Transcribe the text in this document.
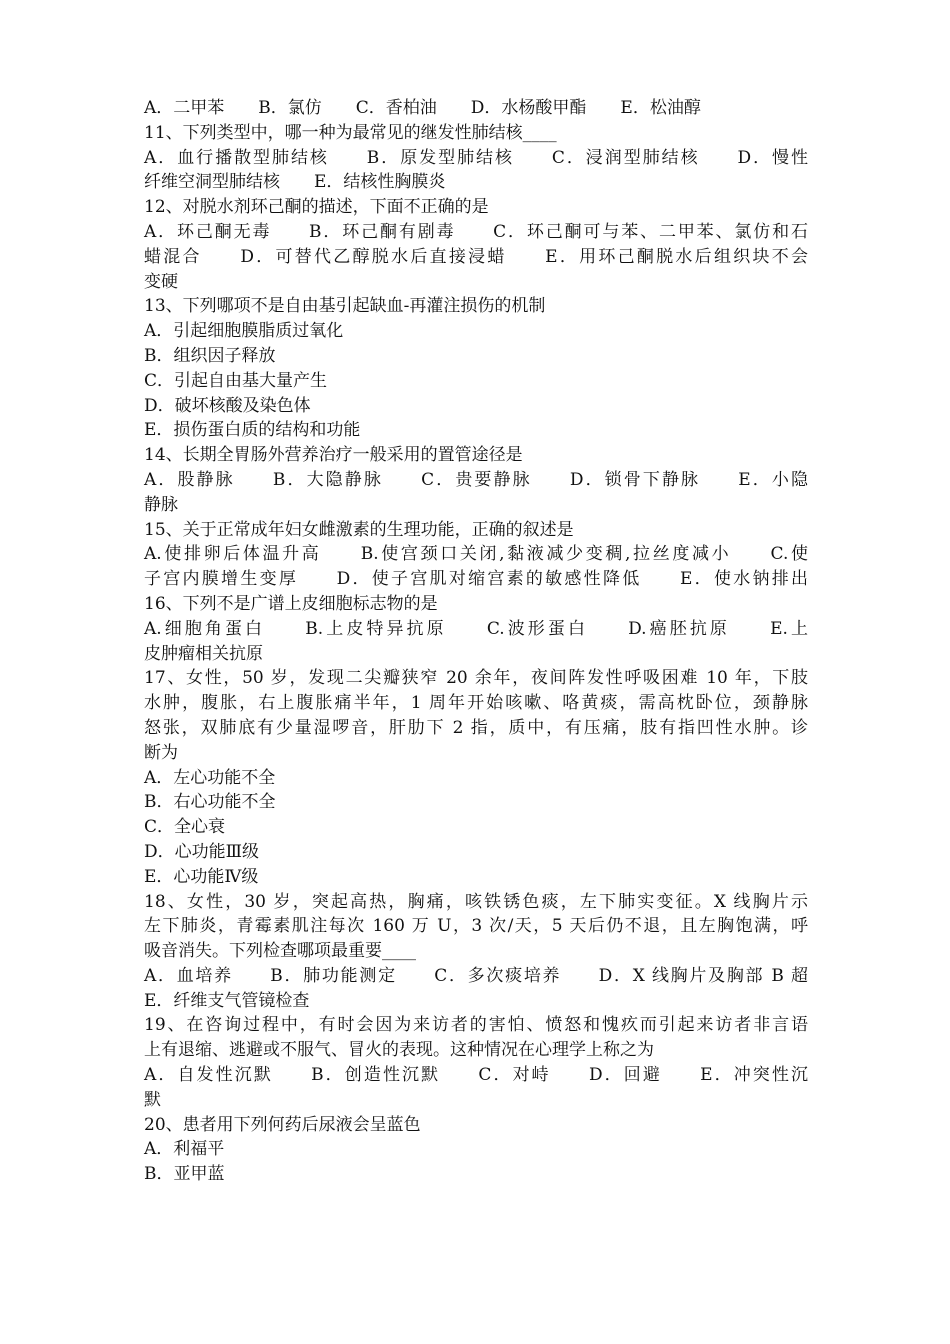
A．二甲苯　　B．氯仿　　C．香柏油　　D．水杨酸甲酯　　E．松油醇
11、下列类型中，哪一种为最常见的继发性肺结核____
A．血行播散型肺结核　　B．原发型肺结核　　C．浸润型肺结核　　D．慢性
纤维空洞型肺结核　　E．结核性胸膜炎
12、对脱水剂环己酮的描述，下面不正确的是
A．环己酮无毒　　B．环己酮有剧毒　　C．环己酮可与苯、二甲苯、氯仿和石
蜡混合　　D．可替代乙醇脱水后直接浸蜡　　E．用环己酮脱水后组织块不会
变硬
13、下列哪项不是自由基引起缺血-再灌注损伤的机制
A．引起细胞膜脂质过氧化
B．组织因子释放
C．引起自由基大量产生
D．破坏核酸及染色体
E．损伤蛋白质的结构和功能
14、长期全胃肠外营养治疗一般采用的置管途径是
A．股静脉　　B．大隐静脉　　C．贵要静脉　　D．锁骨下静脉　　E．小隐
静脉
15、关于正常成年妇女雌激素的生理功能，正确的叙述是
A.使排卵后体温升高　　B.使宫颈口关闭,黏液减少变稠,拉丝度减小　　C.使
子宫内膜增生变厚　　D．使子宫肌对缩宫素的敏感性降低　　E．使水钠排出
16、下列不是广谱上皮细胞标志物的是
A.细胞角蛋白　　B.上皮特异抗原　　C.波形蛋白　　D.癌胚抗原　　E.上
皮肿瘤相关抗原
17、女性，50 岁，发现二尖瓣狭窄 20 余年，夜间阵发性呼吸困难 10 年，下肢
水肿，腹胀，右上腹胀痛半年，1 周年开始咳嗽、咯黄痰，需高枕卧位，颈静脉
怒张，双肺底有少量湿啰音，肝肋下 2 指，质中，有压痛，肢有指凹性水肿。诊
断为
A．左心功能不全
B．右心功能不全
C．全心衰
D．心功能Ⅲ级
E．心功能Ⅳ级
18、女性，30 岁，突起高热，胸痛，咳铁锈色痰，左下肺实变征。X 线胸片示
左下肺炎，青霉素肌注每次 160 万 U，3 次/天，5 天后仍不退，且左胸饱满，呼
吸音消失。下列检查哪项最重要____
A．血培养　　B．肺功能测定　　C．多次痰培养　　D．X 线胸片及胸部 B 超
E．纤维支气管镜检查
19、在咨询过程中，有时会因为来访者的害怕、愤怒和愧疚而引起来访者非言语
上有退缩、逃避或不服气、冒火的表现。这种情况在心理学上称之为
A．自发性沉默　　B．创造性沉默　　C．对峙　　D．回避　　E．冲突性沉
默
20、患者用下列何药后尿液会呈蓝色
A．利福平
B．亚甲蓝
